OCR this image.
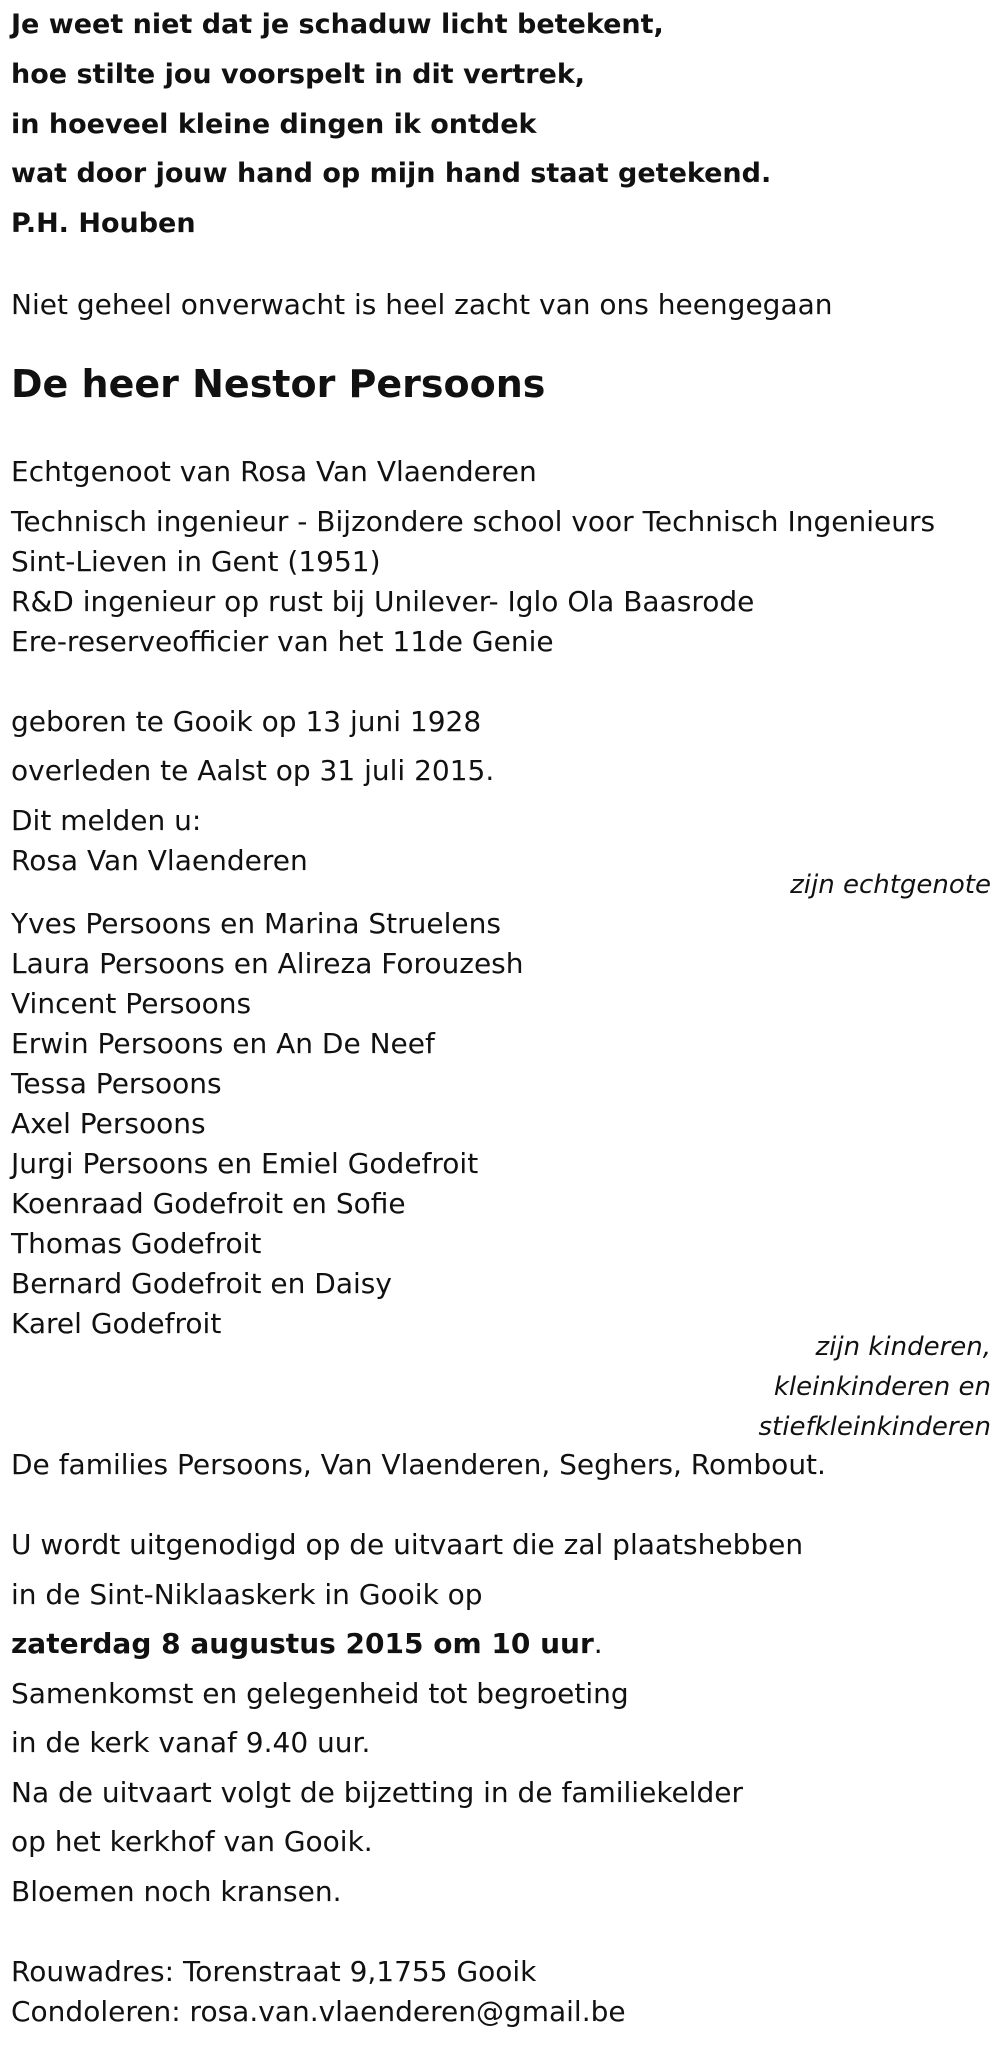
Je weet niet dat je schaduw licht betekent,
hoe stilte jou voorspelt in dit vertrek,
in hoeveel kleine dingen ik ontdek
wat door jouw hand op mijn hand staat getekend.
P.H. Houben
Niet geheel onverwacht is heel zacht van ons heengegaan
De heer Nestor Persoons
Echtgenoot van Rosa Van Vlaenderen
Technisch ingenieur - Bijzondere school voor Technisch Ingenieurs
Sint-Lieven in Gent (1951)
R&D ingenieur op rust bij Unilever- Iglo Ola Baasrode
Ere-reserveofficier van het 11de Genie
geboren te Gooik op 13 juni 1928
overleden te Aalst op 31 juli 2015.
Dit melden u:
Rosa Van Vlaenderen
zijn echtgenote
Yves Persoons en Marina Struelens
Laura Persoons en Alireza Forouzesh
Vincent Persoons
Erwin Persoons en An De Neef
Tessa Persoons
Axel Persoons
Jurgi Persoons en Emiel Godefroit
Koenraad Godefroit en Sofie
Thomas Godefroit
Bernard Godefroit en Daisy
Karel Godefroit
zijn kinderen,
kleinkinderen en
stiefkleinkinderen
De families Persoons, Van Vlaenderen, Seghers, Rombout.
U wordt uitgenodigd op de uitvaart die zal plaatshebben
in de Sint-Niklaaskerk in Gooik op
zaterdag 8 augustus 2015 om 10 uur.
Samenkomst en gelegenheid tot begroeting
in de kerk vanaf 9.40 uur.
Na de uitvaart volgt de bijzetting in de familiekelder
op het kerkhof van Gooik.
Bloemen noch kransen.
Rouwadres: Torenstraat 9,1755 Gooik
Condoleren: rosa.van.vlaenderen@gmail.be
